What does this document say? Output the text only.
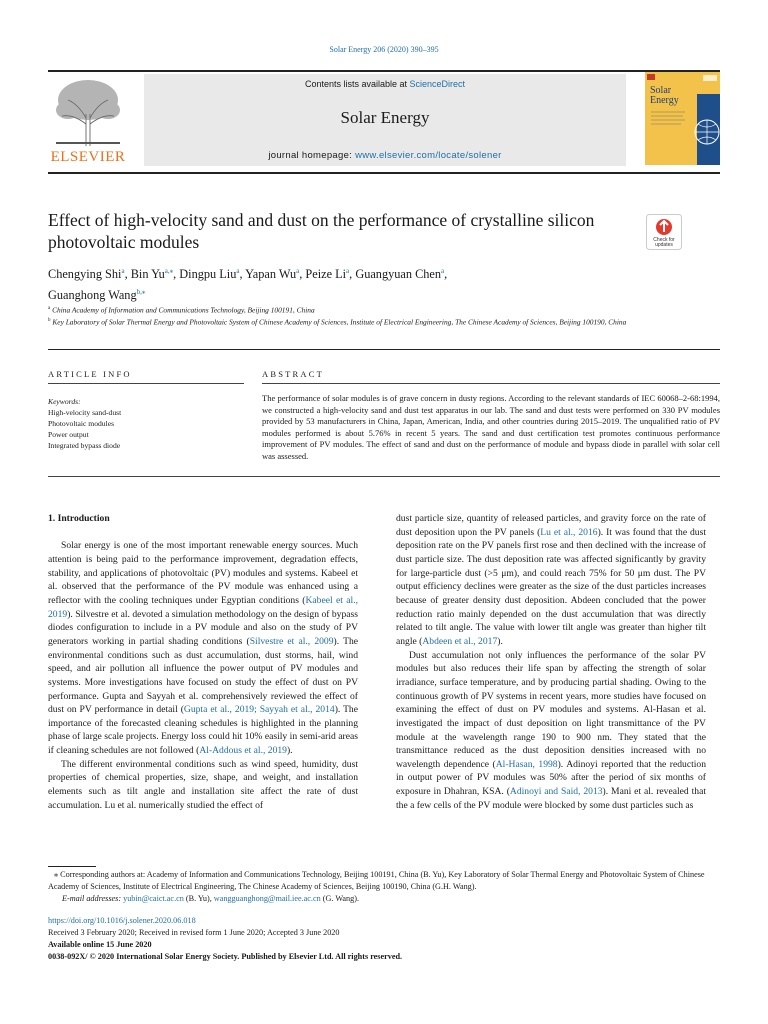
Solar Energy 206 (2020) 390–395
ELSEVIER
Contents lists available at ScienceDirect
Solar Energy
journal homepage: www.elsevier.com/locate/solener
Solar
Energy
Effect of high-velocity sand and dust on the performance of crystalline silicon photovoltaic modules	Check for
updates
Chengying Shi$^a$, Bin $Yu^{a,⁎}$, Dingpu Liu$^a$, Yapan Wu$^a$, Peize Li$^a$, Guangyuan Chen$^a$,
Guanghong Wang$^{b,⁎}$
$^a$ China Academy of Information and Communications Technology, Beijing 100191, China
$^b$ Key Laboratory of Solar Thermal Energy and Photovoltaic System of Chinese Academy of Sciences, Institute of Electrical Engineering, The Chinese Academy of Sciences, Beijing 100190, China
ARTICLE INFO	ABSTRACT
Keywords:
High-velocity sand-dust
Photovoltaic modules
Power output
Integrated bypass diode
The performance of solar modules is of grave concern in dusty regions. According to the relevant standards of IEC 60068–2-68:1994, we constructed a high-velocity sand and dust test apparatus in our lab. The sand and dust tests were performed on 330 PV modules provided by 53 manufacturers in China, Japan, American, India, and other countries during 2015–2019. The unqualified ratio of PV modules performed is about 5.76% in recent 5 years. The sand and dust certification test promotes continuous performance improvement of PV modules. The effect of sand and dust on the performance of module and bypass diode in parallel with solar cell was assessed.
1. Introduction

Solar energy is one of the most important renewable energy sources. Much attention is being paid to the performance improvement, degradation effects, stability, and applications of photovoltaic (PV) modules and systems. Kabeel et al. observed that the performance of the PV module was enhanced using a reflector with the cooling techniques under Egyptian conditions (Kabeel et al., 2019). Silvestre et al. devoted a simulation methodology on the design of bypass diodes configuration to include in a PV module and also on the study of PV generators working in partial shading conditions (Silvestre et al., 2009). The environmental conditions such as dust accumulation, dust storms, hail, wind speed, and air pollution all influence the power output of PV modules and systems. More investigations have focused on study the effect of dust on PV performance. Gupta and Sayyah et al. comprehensively reviewed the effect of dust on PV performance in detail (Gupta et al., 2019; Sayyah et al., 2014). The importance of the forecasted cleaning schedules is highlighted in the planning phase of large scale projects. Energy loss could hit 10% easily in semi-arid areas if cleaning schedules are not followed (Al-Addous et al., 2019).

The different environmental conditions such as wind speed, humidity, dust properties of chemical properties, size, shape, and weight, and installation elements such as tilt angle and installation site affect the rate of dust accumulation. Lu et al. numerically studied the effect of

dust particle size, quantity of released particles, and gravity force on the rate of dust deposition upon the PV panels (Lu et al., 2016). It was found that the dust deposition rate on the PV panels first rose and then declined with the increase of dust particle size. The dust deposition rate was affected significantly by gravity for large-particle dust (>5 μm), and could reach 75% for 50 μm dust. The PV output efficiency declines were greater as the size of the dust particles increases because of greater density dust deposition. Abdeen concluded that the power reduction ratio mainly depended on the dust accumulation that was directly related to tilt angle. The value with lower tilt angle was greater than higher tilt angle (Abdeen et al., 2017).

Dust accumulation not only influences the performance of the solar PV modules but also reduces their life span by affecting the strength of solar irradiance, surface temperature, and by producing partial shading. Owing to the continuous growth of PV systems in recent years, more studies have focused on examining the effect of dust on PV modules and systems. Al-Hasan et al. investigated the impact of dust deposition on light transmittance of the PV module at the wavelength range 190 to 900 nm. They stated that the transmittance reduced as the dust deposition densities increased with no wavelength dependence (Al-Hasan, 1998). Adinoyi reported that the reduction in output power of PV modules was 50% after the period of six months of exposure in Dhahran, KSA. (Adinoyi and Said, 2013). Mani et al. revealed that the a few cells of the PV module were blocked by some dust particles such as

⁎ Corresponding authors at: Academy of Information and Communications Technology, Beijing 100191, China (B. Yu), Key Laboratory of Solar Thermal Energy and Photovoltaic System of Chinese Academy of Sciences, Institute of Electrical Engineering, The Chinese Academy of Sciences, Beijing 100190, China (G.H. Wang).
E-mail addresses: yubin@caict.ac.cn (B. Yu), wangguanghong@mail.iee.ac.cn (G. Wang).
https://doi.org/10.1016/j.solener.2020.06.018
Received 3 February 2020; Received in revised form 1 June 2020; Accepted 3 June 2020
Available online 15 June 2020
0038-092X/ © 2020 International Solar Energy Society. Published by Elsevier Ltd. All rights reserved.
